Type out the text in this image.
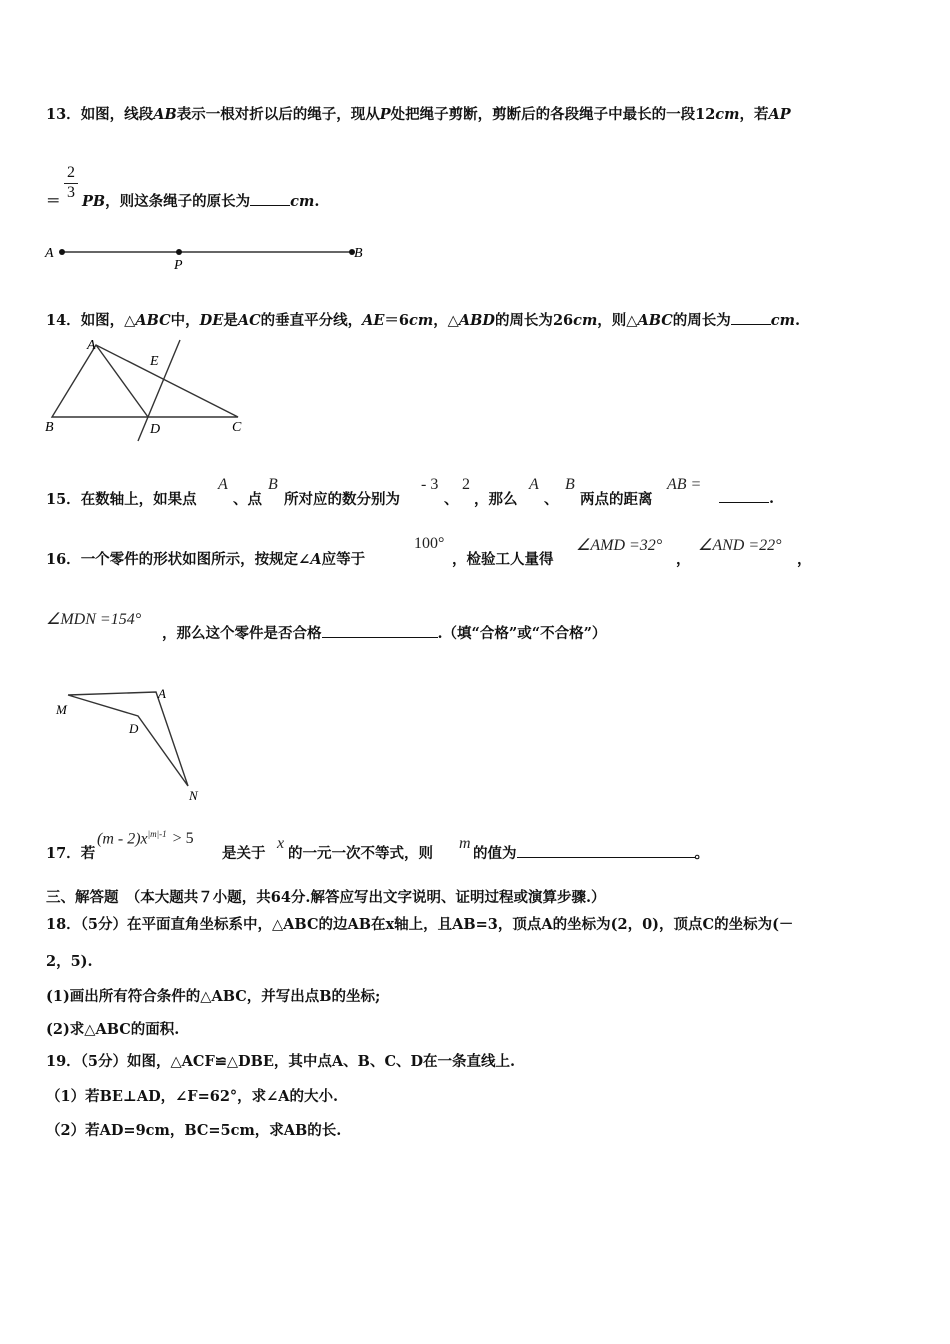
13．如图，线段AB表示一根对折以后的绳子，现从P处把绳子剪断，剪断后的各段绳子中最长的一段12cm，若AP
2
3
＝ PB，则这条绳子的原长为	cm.
A
P
B
14．如图，△ABC中，DE是AC的垂直平分线，AE＝6cm，△ABD的周长为26cm，则△ABC的周长为	cm.
A
E
B	D	C
15．在数轴上，如果点
A
、点
B
所对应的数分别为
- 3
、
2
，那么
A
、
B
两点的距离
AB =
.
16．一个零件的形状如图所示，按规定∠A应等于
100°
，检验工人量得
∠AMD =32°
，
∠AND =22°
，
∠MDN =154°
，那么这个零件是否合格	.（填“合格”或“不合格”）
M
A
D
N
17．若
$(m - 2)x^{|m|-1} > 5$
是关于
x
的一元一次不等式，则
m
的值为	。
三、解答题　（本大题共７小题，共64分.解答应写出文字说明、证明过程或演算步骤.）
18．（5分）在平面直角坐标系中，△ABC的边AB在x轴上，且AB=3，顶点A的坐标为(2，0)，顶点C的坐标为(－
2，5).
(1)画出所有符合条件的△ABC，并写出点B的坐标;
(2)求△ABC的面积.
19．（5分）如图，△ACF≌△DBE，其中点A、B、C、D在一条直线上.
（1）若BE⊥AD，∠F=62°，求∠A的大小.
（2）若AD=9cm，BC=5cm，求AB的长.
